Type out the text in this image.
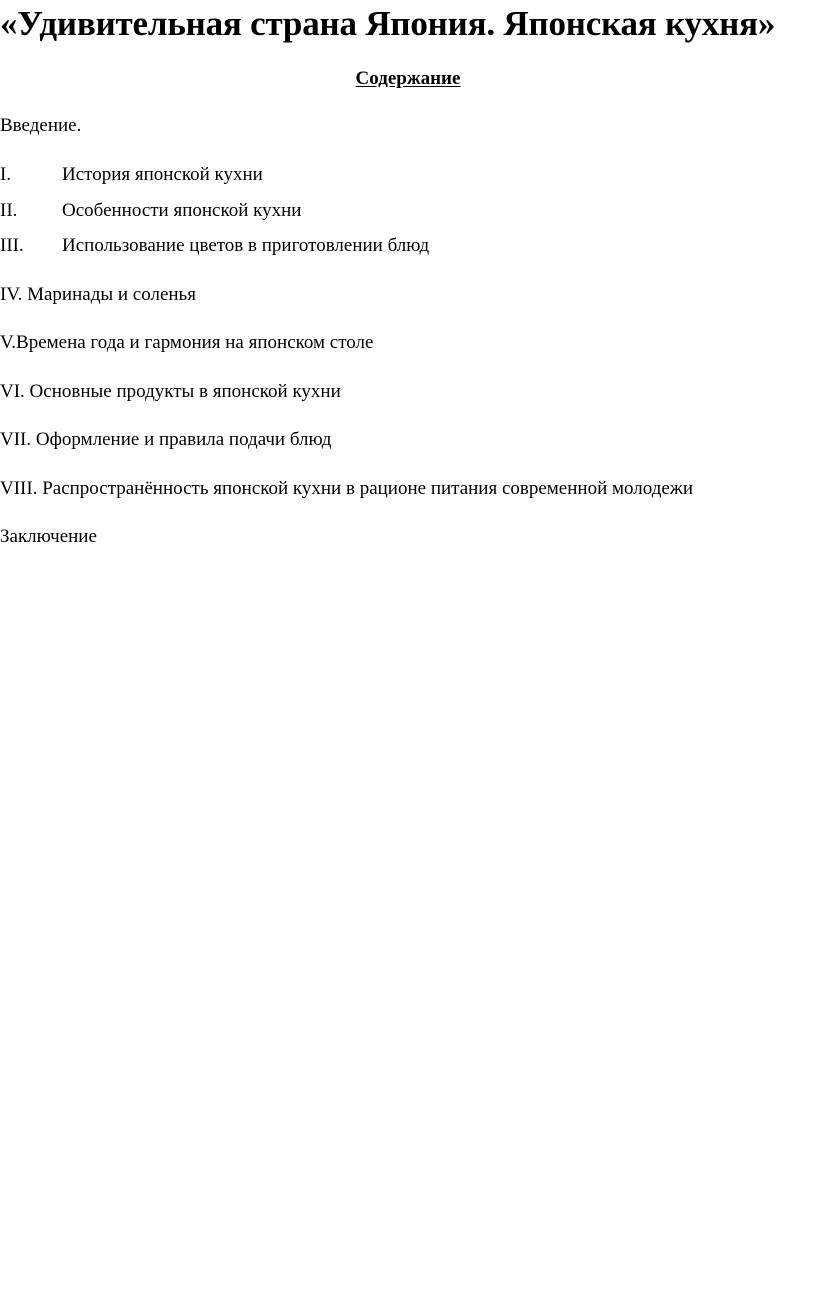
«Удивительная страна Япония. Японская кухня»
Содержание
Введение.
I.	История японской кухни
II. Особенности японской кухни
III. Использование цветов в приготовлении блюд
IV. Маринады и соленья
V.Времена года и гармония на японском столе
VI. Основные продукты в японской кухни
VII. Оформление и правила подачи блюд
VIII. Распространённость японской кухни в рационе питания современной молодежи
Заключение
